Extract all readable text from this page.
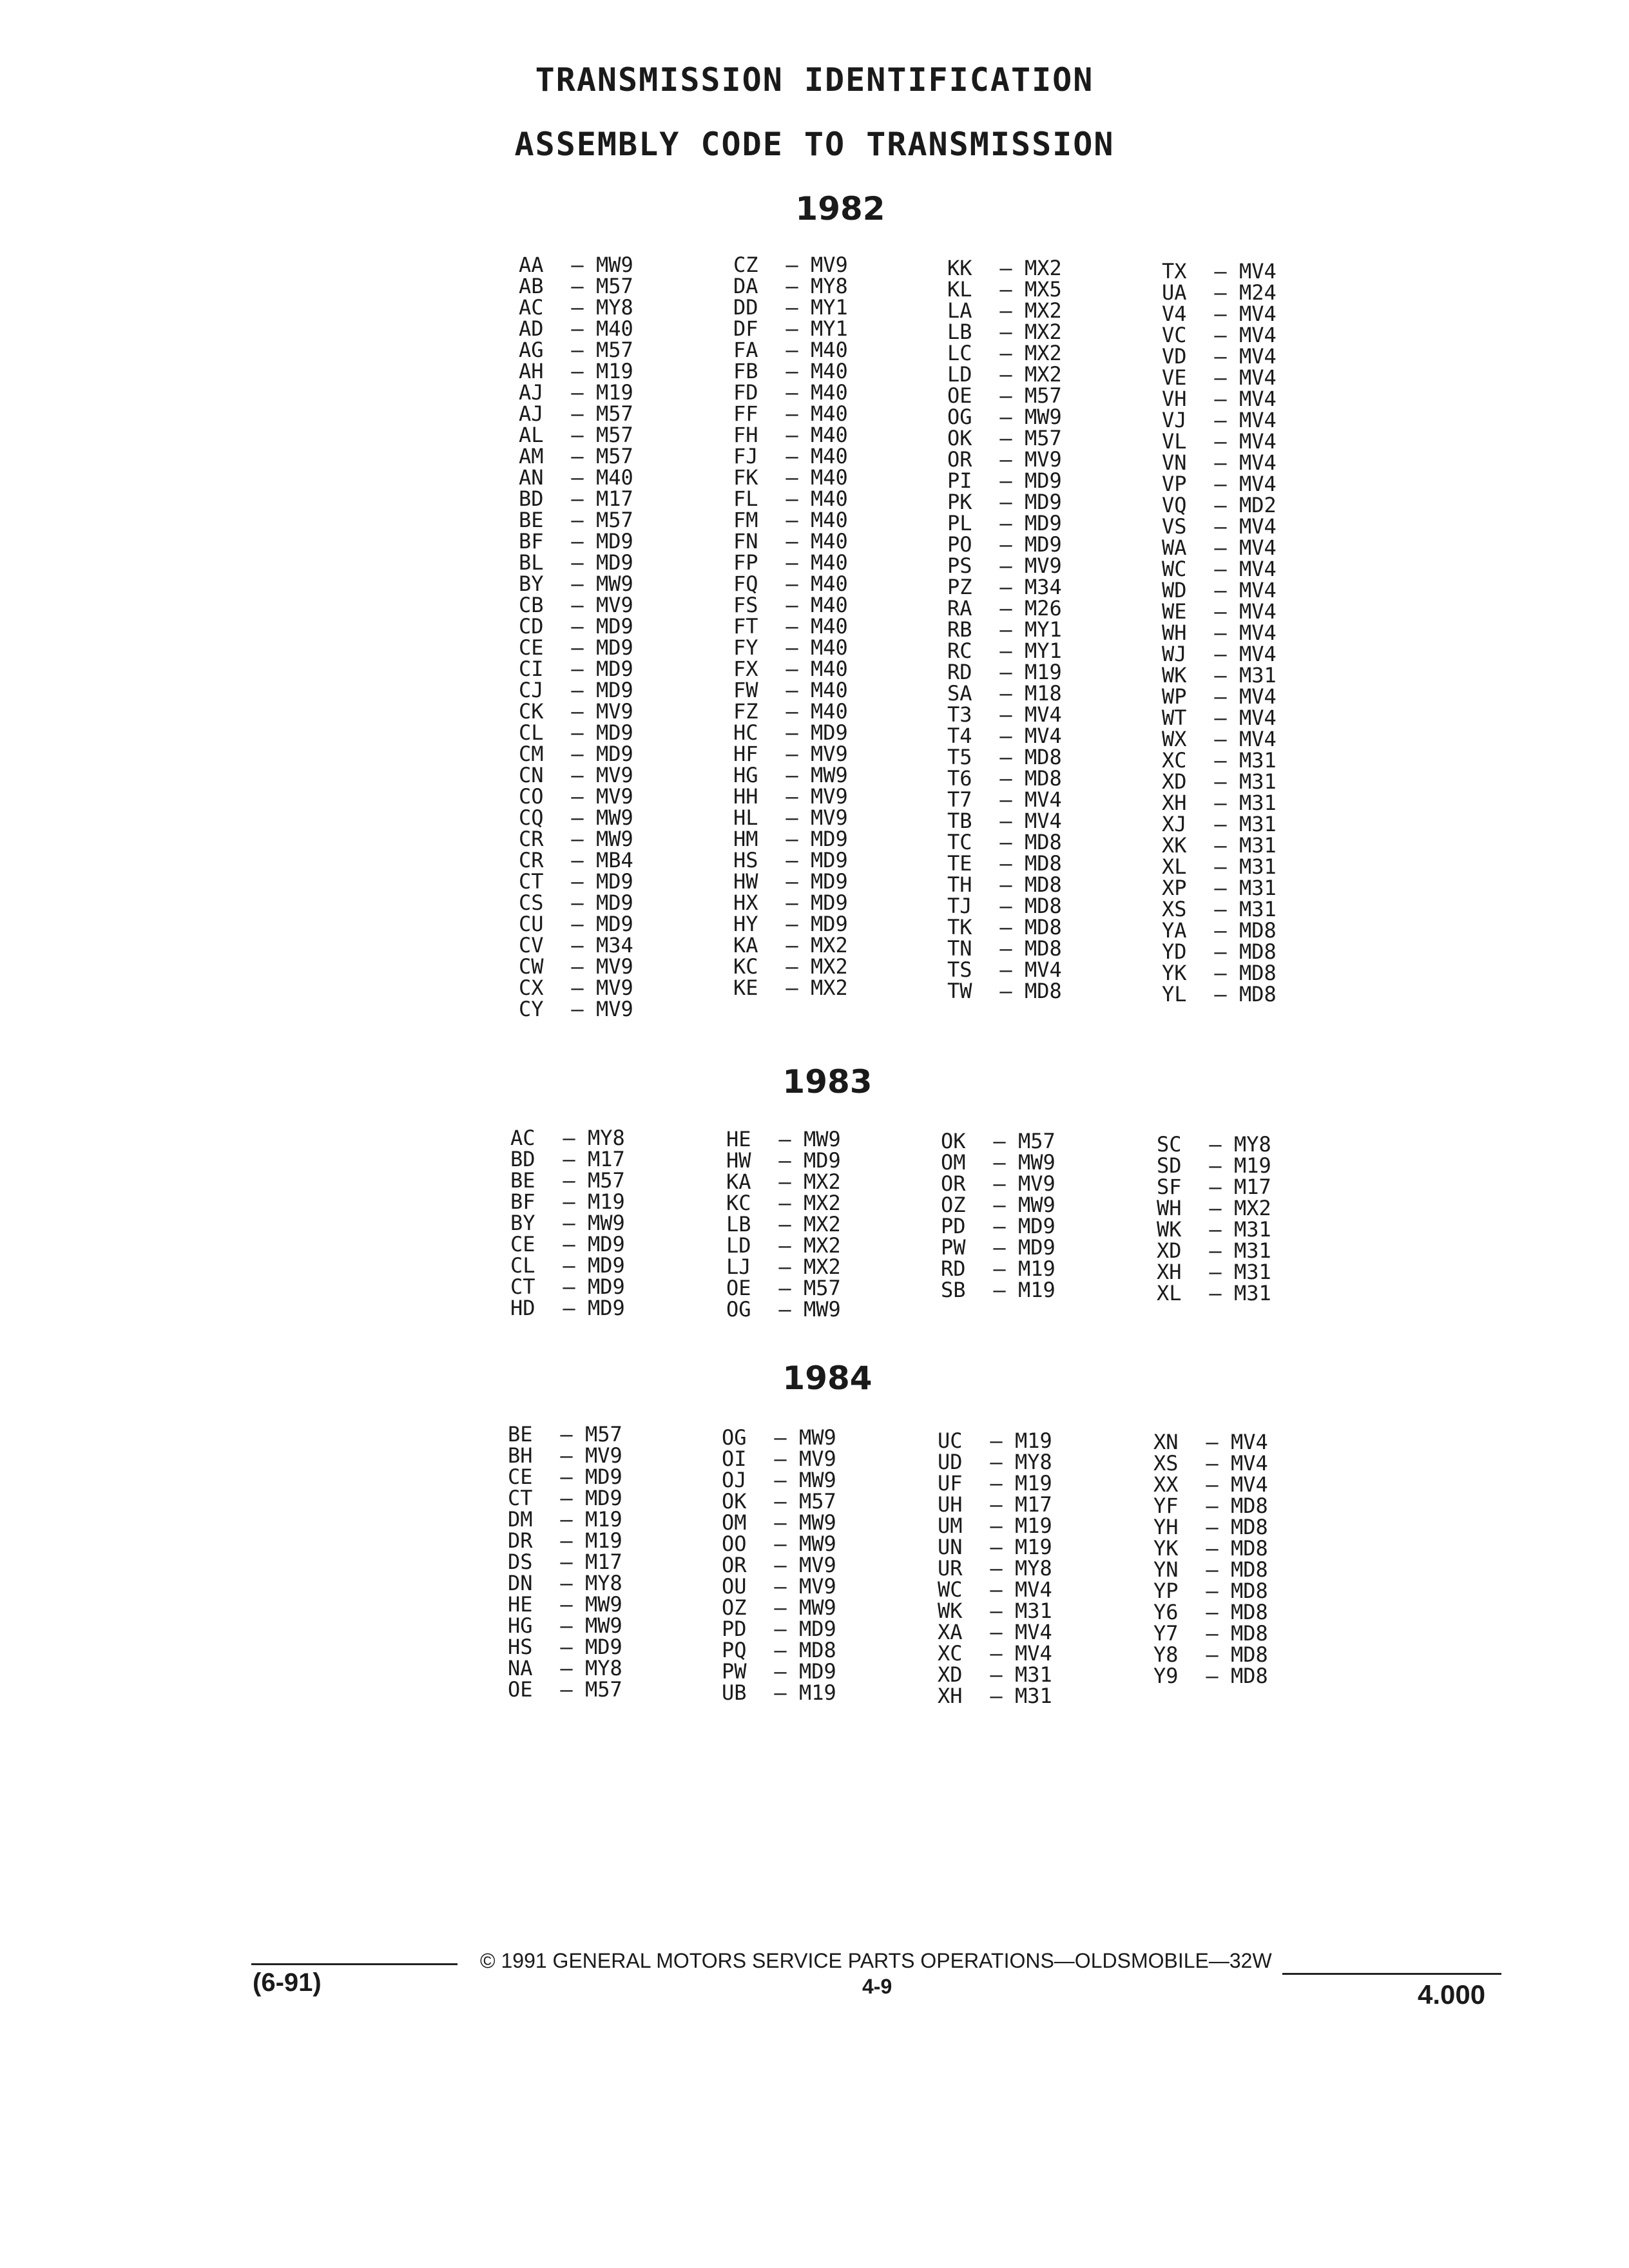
TRANSMISSION IDENTIFICATION
ASSEMBLY CODE TO TRANSMISSION
1982
1983
1984
AA – MW9
AB – M57
AC – MY8
AD – M40
AG – M57
AH – M19
AJ – M19
AJ – M57
AL – M57
AM – M57
AN – M40
BD – M17
BE – M57
BF – MD9
BL – MD9
BY – MW9
CB – MV9
CD – MD9
CE – MD9
CI – MD9
CJ – MD9
CK – MV9
CL – MD9
CM – MD9
CN – MV9
CO – MV9
CQ – MW9
CR – MW9
CR – MB4
CT – MD9
CS – MD9
CU – MD9
CV – M34
CW – MV9
CX – MV9
CY – MV9
CZ – MV9
DA – MY8
DD – MY1
DF – MY1
FA – M40
FB – M40
FD – M40
FF – M40
FH – M40
FJ – M40
FK – M40
FL – M40
FM – M40
FN – M40
FP – M40
FQ – M40
FS – M40
FT – M40
FY – M40
FX – M40
FW – M40
FZ – M40
HC – MD9
HF – MV9
HG – MW9
HH – MV9
HL – MV9
HM – MD9
HS – MD9
HW – MD9
HX – MD9
HY – MD9
KA – MX2
KC – MX2
KE – MX2
KK – MX2
KL – MX5
LA – MX2
LB – MX2
LC – MX2
LD – MX2
OE – M57
OG – MW9
OK – M57
OR – MV9
PI – MD9
PK – MD9
PL – MD9
PO – MD9
PS – MV9
PZ – M34
RA – M26
RB – MY1
RC – MY1
RD – M19
SA – M18
T3 – MV4
T4 – MV4
T5 – MD8
T6 – MD8
T7 – MV4
TB – MV4
TC – MD8
TE – MD8
TH – MD8
TJ – MD8
TK – MD8
TN – MD8
TS – MV4
TW – MD8
TX – MV4
UA – M24
V4 – MV4
VC – MV4
VD – MV4
VE – MV4
VH – MV4
VJ – MV4
VL – MV4
VN – MV4
VP – MV4
VQ – MD2
VS – MV4
WA – MV4
WC – MV4
WD – MV4
WE – MV4
WH – MV4
WJ – MV4
WK – M31
WP – MV4
WT – MV4
WX – MV4
XC – M31
XD – M31
XH – M31
XJ – M31
XK – M31
XL – M31
XP – M31
XS – M31
YA – MD8
YD – MD8
YK – MD8
YL – MD8
AC – MY8
BD – M17
BE – M57
BF – M19
BY – MW9
CE – MD9
CL – MD9
CT – MD9
HD – MD9
HE – MW9
HW – MD9
KA – MX2
KC – MX2
LB – MX2
LD – MX2
LJ – MX2
OE – M57
OG – MW9
OK – M57
OM – MW9
OR – MV9
OZ – MW9
PD – MD9
PW – MD9
RD – M19
SB – M19
SC – MY8
SD – M19
SF – M17
WH – MX2
WK – M31
XD – M31
XH – M31
XL – M31
BE – M57
BH – MV9
CE – MD9
CT – MD9
DM – M19
DR – M19
DS – M17
DN – MY8
HE – MW9
HG – MW9
HS – MD9
NA – MY8
OE – M57
OG – MW9
OI – MV9
OJ – MW9
OK – M57
OM – MW9
OO – MW9
OR – MV9
OU – MV9
OZ – MW9
PD – MD9
PQ – MD8
PW – MD9
UB – M19
UC – M19
UD – MY8
UF – M19
UH – M17
UM – M19
UN – M19
UR – MY8
WC – MV4
WK – M31
XA – MV4
XC – MV4
XD – M31
XH – M31
XN – MV4
XS – MV4
XX – MV4
YF – MD8
YH – MD8
YK – MD8
YN – MD8
YP – MD8
Y6 – MD8
Y7 – MD8
Y8 – MD8
Y9 – MD8
(6-91)
© 1991 GENERAL MOTORS SERVICE PARTS OPERATIONS—OLDSMOBILE—32W
4-9	4.000
